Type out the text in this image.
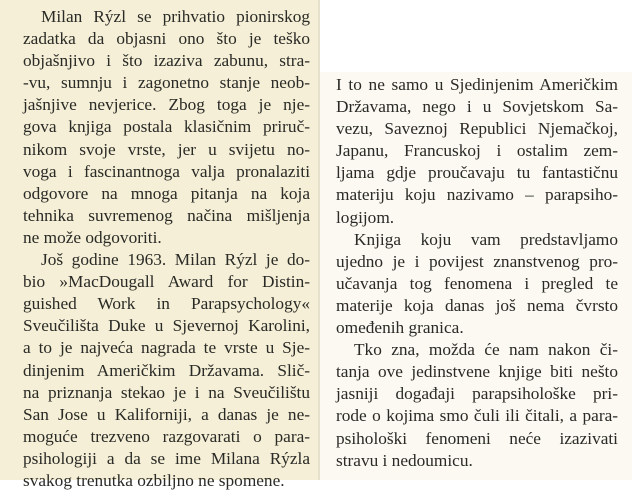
Milan Rýzl se prihvatio pionirskog
zadatka da objasni ono što je teško
objašnjivo i što izaziva zabunu, stra-
-vu, sumnju i zagonetno stanje neob-
jašnjive nevjerice. Zbog toga je nje-
gova knjiga postala klasičnim priruč-
nikom svoje vrste, jer u svijetu no-
voga i fascinantnoga valja pronalaziti
odgovore na mnoga pitanja na koja
tehnika suvremenog načina mišljenja
ne može odgovoriti.
Još godine 1963. Milan Rýzl je do-
bio »MacDougall Award for Distin-
guished Work in Parapsychology«
Sveučilišta Duke u Sjevernoj Karolini,
a to je najveća nagrada te vrste u Sje-
dinjenim Američkim Državama. Slič-
na priznanja stekao je i na Sveučilištu
San Jose u Kaliforniji, a danas je ne-
moguće trezveno razgovarati o para-
psihologiji a da se ime Milana Rýzla
svakog trenutka ozbiljno ne spomene.
I to ne samo u Sjedinjenim Američkim
Državama, nego i u Sovjetskom Sa-
vezu, Saveznoj Republici Njemačkoj,
Japanu, Francuskoj i ostalim zem-
ljama gdje proučavaju tu fantastičnu
materiju koju nazivamo – parapsiho-
logijom.
Knjiga koju vam predstavljamo
ujedno je i povijest znanstvenog pro-
učavanja tog fenomena i pregled te
materije koja danas još nema čvrsto
omeđenih granica.
Tko zna, možda će nam nakon či-
tanja ove jedinstvene knjige biti nešto
jasniji događaji parapsihološke pri-
rode o kojima smo čuli ili čitali, a para-
psihološki fenomeni neće izazivati
stravu i nedoumicu.
